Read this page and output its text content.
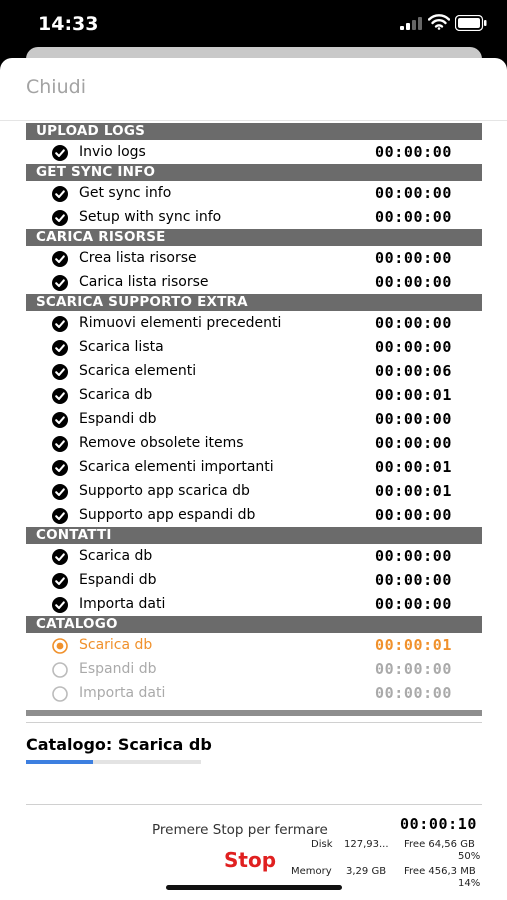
14:33
Chiudi
UPLOAD LOGS
Invio logs	00:00:00
GET SYNC INFO
Get sync info	00:00:00
Setup with sync info	00:00:00
CARICA RISORSE
Crea lista risorse	00:00:00
Carica lista risorse	00:00:00
SCARICA SUPPORTO EXTRA
Rimuovi elementi precedenti	00:00:00
Scarica lista	00:00:00
Scarica elementi	00:00:06
Scarica db	00:00:01
Espandi db	00:00:00
Remove obsolete items	00:00:00
Scarica elementi importanti	00:00:01
Supporto app scarica db	00:00:01
Supporto app espandi db	00:00:00
CONTATTI
Scarica db	00:00:00
Espandi db	00:00:00
Importa dati	00:00:00
CATALOGO
Scarica db	00:00:01
Espandi db	00:00:00
Importa dati	00:00:00
Catalogo: Scarica db
Premere Stop per fermare	00:00:10
Stop
Disk 127,93... Free 64,56 GB
50%
Memory 3,29 GB Free 456,3 MB
14%
